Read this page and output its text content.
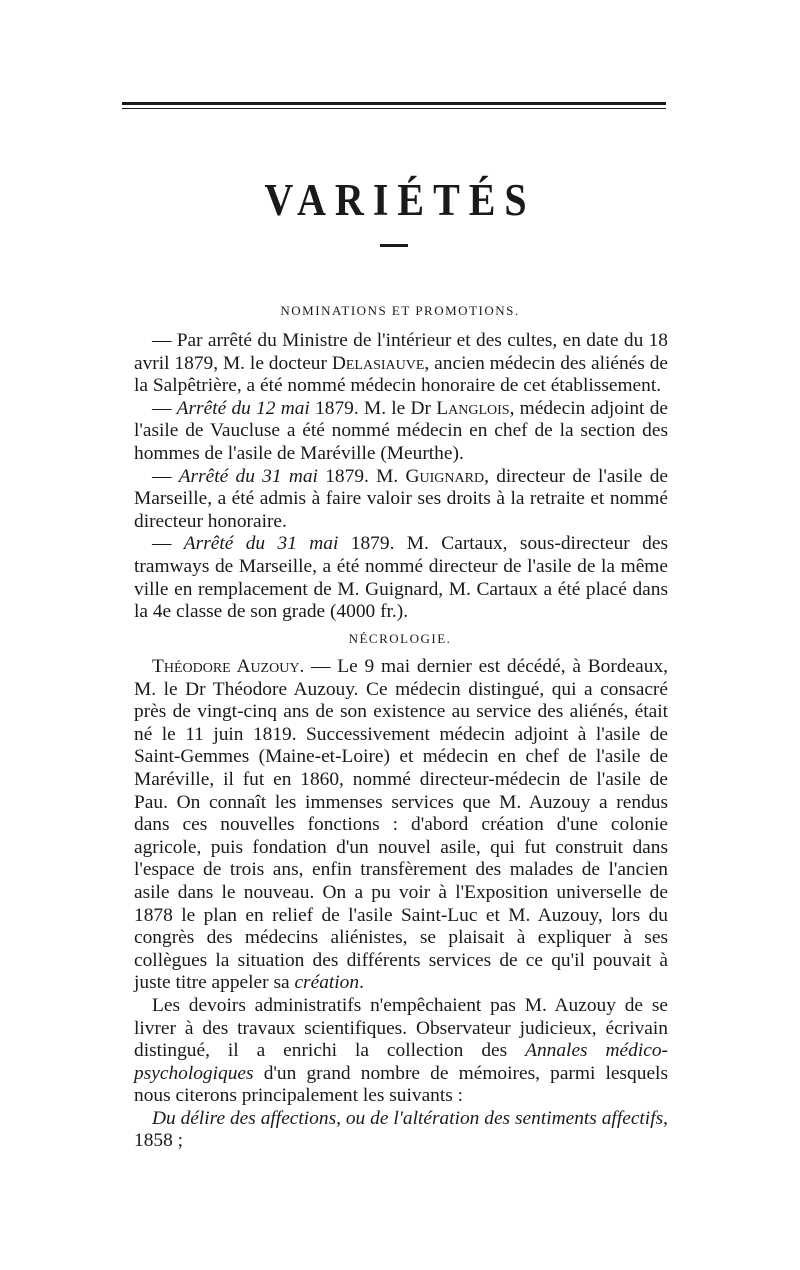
VARIÉTÉS
NOMINATIONS ET PROMOTIONS.

— Par arrêté du Ministre de l'intérieur et des cultes, en date du 18 avril 1879, M. le docteur Delasiauve, ancien médecin des aliénés de la Salpêtrière, a été nommé médecin honoraire de cet établissement.

— Arrêté du 12 mai 1879. M. le Dr Langlois, médecin adjoint de l'asile de Vaucluse a été nommé médecin en chef de la section des hommes de l'asile de Maréville (Meurthe).

— Arrêté du 31 mai 1879. M. Guignard, directeur de l'asile de Marseille, a été admis à faire valoir ses droits à la retraite et nommé directeur honoraire.

— Arrêté du 31 mai 1879. M. Cartaux, sous-directeur des tramways de Marseille, a été nommé directeur de l'asile de la même ville en remplacement de M. Guignard, M. Cartaux a été placé dans la 4e classe de son grade (4000 fr.).

NÉCROLOGIE.

Théodore Auzouy. — Le 9 mai dernier est décédé, à Bordeaux, M. le Dr Théodore Auzouy. Ce médecin distingué, qui a consacré près de vingt-cinq ans de son existence au service des aliénés, était né le 11 juin 1819. Successivement médecin adjoint à l'asile de Saint-Gemmes (Maine-et-Loire) et médecin en chef de l'asile de Maréville, il fut en 1860, nommé directeur-médecin de l'asile de Pau. On connaît les immenses services que M. Auzouy a rendus dans ces nouvelles fonctions : d'abord création d'une colonie agricole, puis fondation d'un nouvel asile, qui fut construit dans l'espace de trois ans, enfin transfèrement des malades de l'ancien asile dans le nouveau. On a pu voir à l'Exposition universelle de 1878 le plan en relief de l'asile Saint-Luc et M. Auzouy, lors du congrès des médecins aliénistes, se plaisait à expliquer à ses collègues la situation des différents services de ce qu'il pouvait à juste titre appeler sa création.

Les devoirs administratifs n'empêchaient pas M. Auzouy de se livrer à des travaux scientifiques. Observateur judicieux, écrivain distingué, il a enrichi la collection des Annales médico-psychologiques d'un grand nombre de mémoires, parmi lesquels nous citerons principalement les suivants :

Du délire des affections, ou de l'altération des sentiments affectifs, 1858 ;
